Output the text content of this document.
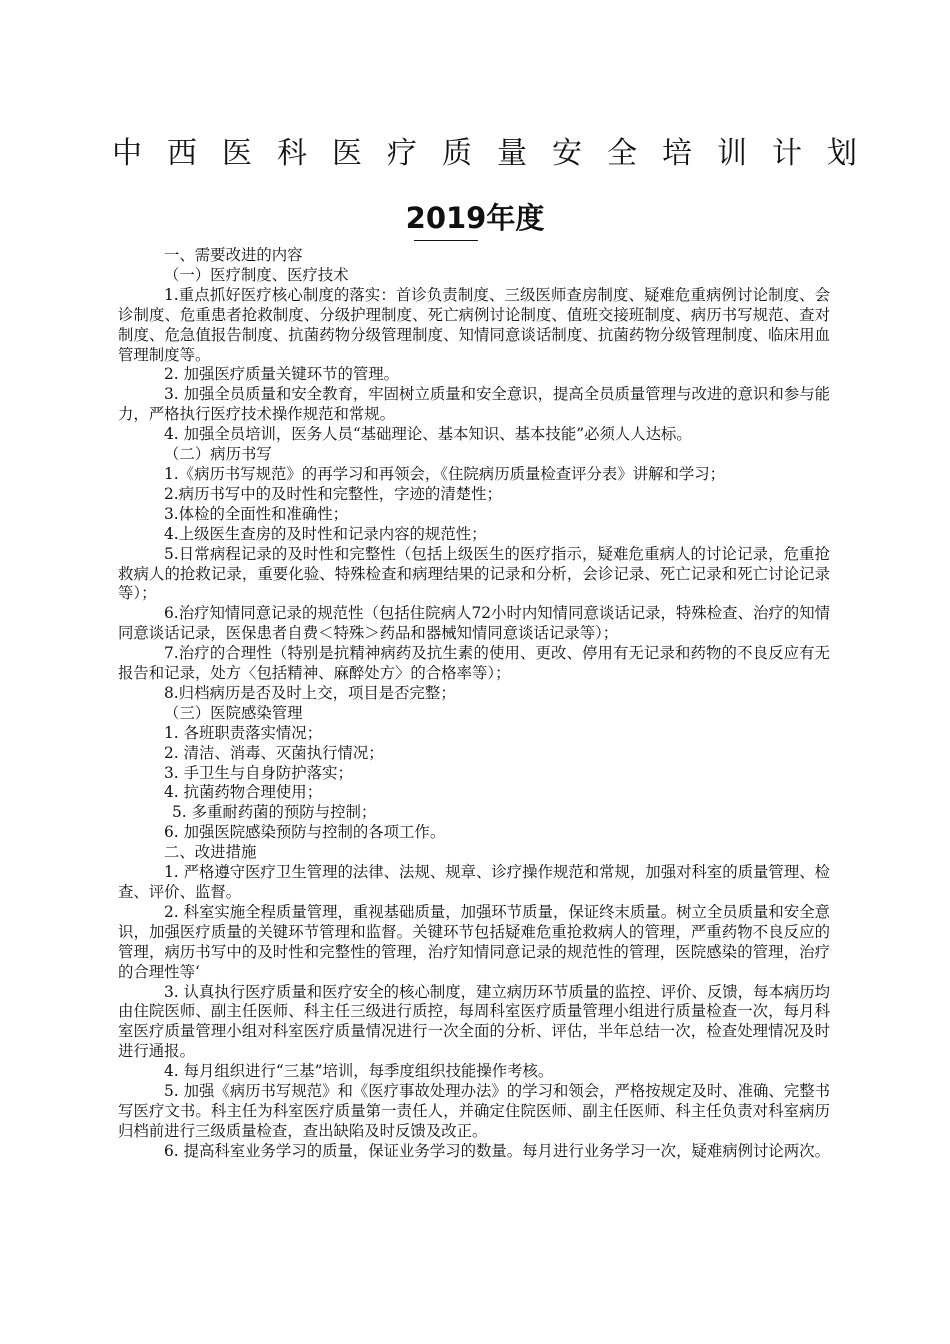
中西医科医疗质量安全培训计划
2019年度

一、需要改进的内容

（一）医疗制度、医疗技术

1.重点抓好医疗核心制度的落实：首诊负责制度、三级医师查房制度、疑难危重病例讨论制度、会诊制度、危重患者抢救制度、分级护理制度、死亡病例讨论制度、值班交接班制度、病历书写规范、查对制度、危急值报告制度、抗菌药物分级管理制度、知情同意谈话制度、抗菌药物分级管理制度、临床用血管理制度等。

2. 加强医疗质量关键环节的管理。

3. 加强全员质量和安全教育，牢固树立质量和安全意识，提高全员质量管理与改进的意识和参与能力，严格执行医疗技术操作规范和常规。

4. 加强全员培训，医务人员“基础理论、基本知识、基本技能”必须人人达标。

（二）病历书写

1.《病历书写规范》的再学习和再领会，《住院病历质量检查评分表》讲解和学习；

2.病历书写中的及时性和完整性，字迹的清楚性；

3.体检的全面性和准确性；

4.上级医生查房的及时性和记录内容的规范性；

5.日常病程记录的及时性和完整性（包括上级医生的医疗指示，疑难危重病人的讨论记录，危重抢救病人的抢救记录，重要化验、特殊检查和病理结果的记录和分析，会诊记录、死亡记录和死亡讨论记录等）；

6.治疗知情同意记录的规范性（包括住院病人72小时内知情同意谈话记录，特殊检查、治疗的知情同意谈话记录，医保患者自费＜特殊＞药品和器械知情同意谈话记录等）；

7.治疗的合理性（特别是抗精神病药及抗生素的使用、更改、停用有无记录和药物的不良反应有无报告和记录，处方〈包括精神、麻醉处方〉的合格率等）；

8.归档病历是否及时上交，项目是否完整；

（三）医院感染管理

1. 各班职责落实情况；

2. 清洁、消毒、灭菌执行情况；

3. 手卫生与自身防护落实；

4. 抗菌药物合理使用；

5. 多重耐药菌的预防与控制；

6. 加强医院感染预防与控制的各项工作。

二、改进措施

1. 严格遵守医疗卫生管理的法律、法规、规章、诊疗操作规范和常规，加强对科室的质量管理、检查、评价、监督。

2. 科室实施全程质量管理，重视基础质量，加强环节质量，保证终末质量。树立全员质量和安全意识，加强医疗质量的关键环节管理和监督。关键环节包括疑难危重抢救病人的管理，严重药物不良反应的管理，病历书写中的及时性和完整性的管理，治疗知情同意记录的规范性的管理，医院感染的管理，治疗的合理性等‘

3. 认真执行医疗质量和医疗安全的核心制度，建立病历环节质量的监控、评价、反馈，每本病历均由住院医师、副主任医师、科主任三级进行质控，每周科室医疗质量管理小组进行质量检查一次，每月科室医疗质量管理小组对科室医疗质量情况进行一次全面的分析、评估，半年总结一次，检查处理情况及时进行通报。

4. 每月组织进行“三基”培训，每季度组织技能操作考核。

5. 加强《病历书写规范》和《医疗事故处理办法》的学习和领会，严格按规定及时、准确、完整书写医疗文书。科主任为科室医疗质量第一责任人，并确定住院医师、副主任医师、科主任负责对科室病历归档前进行三级质量检查，查出缺陷及时反馈及改正。

6. 提高科室业务学习的质量，保证业务学习的数量。每月进行业务学习一次，疑难病例讨论两次。
